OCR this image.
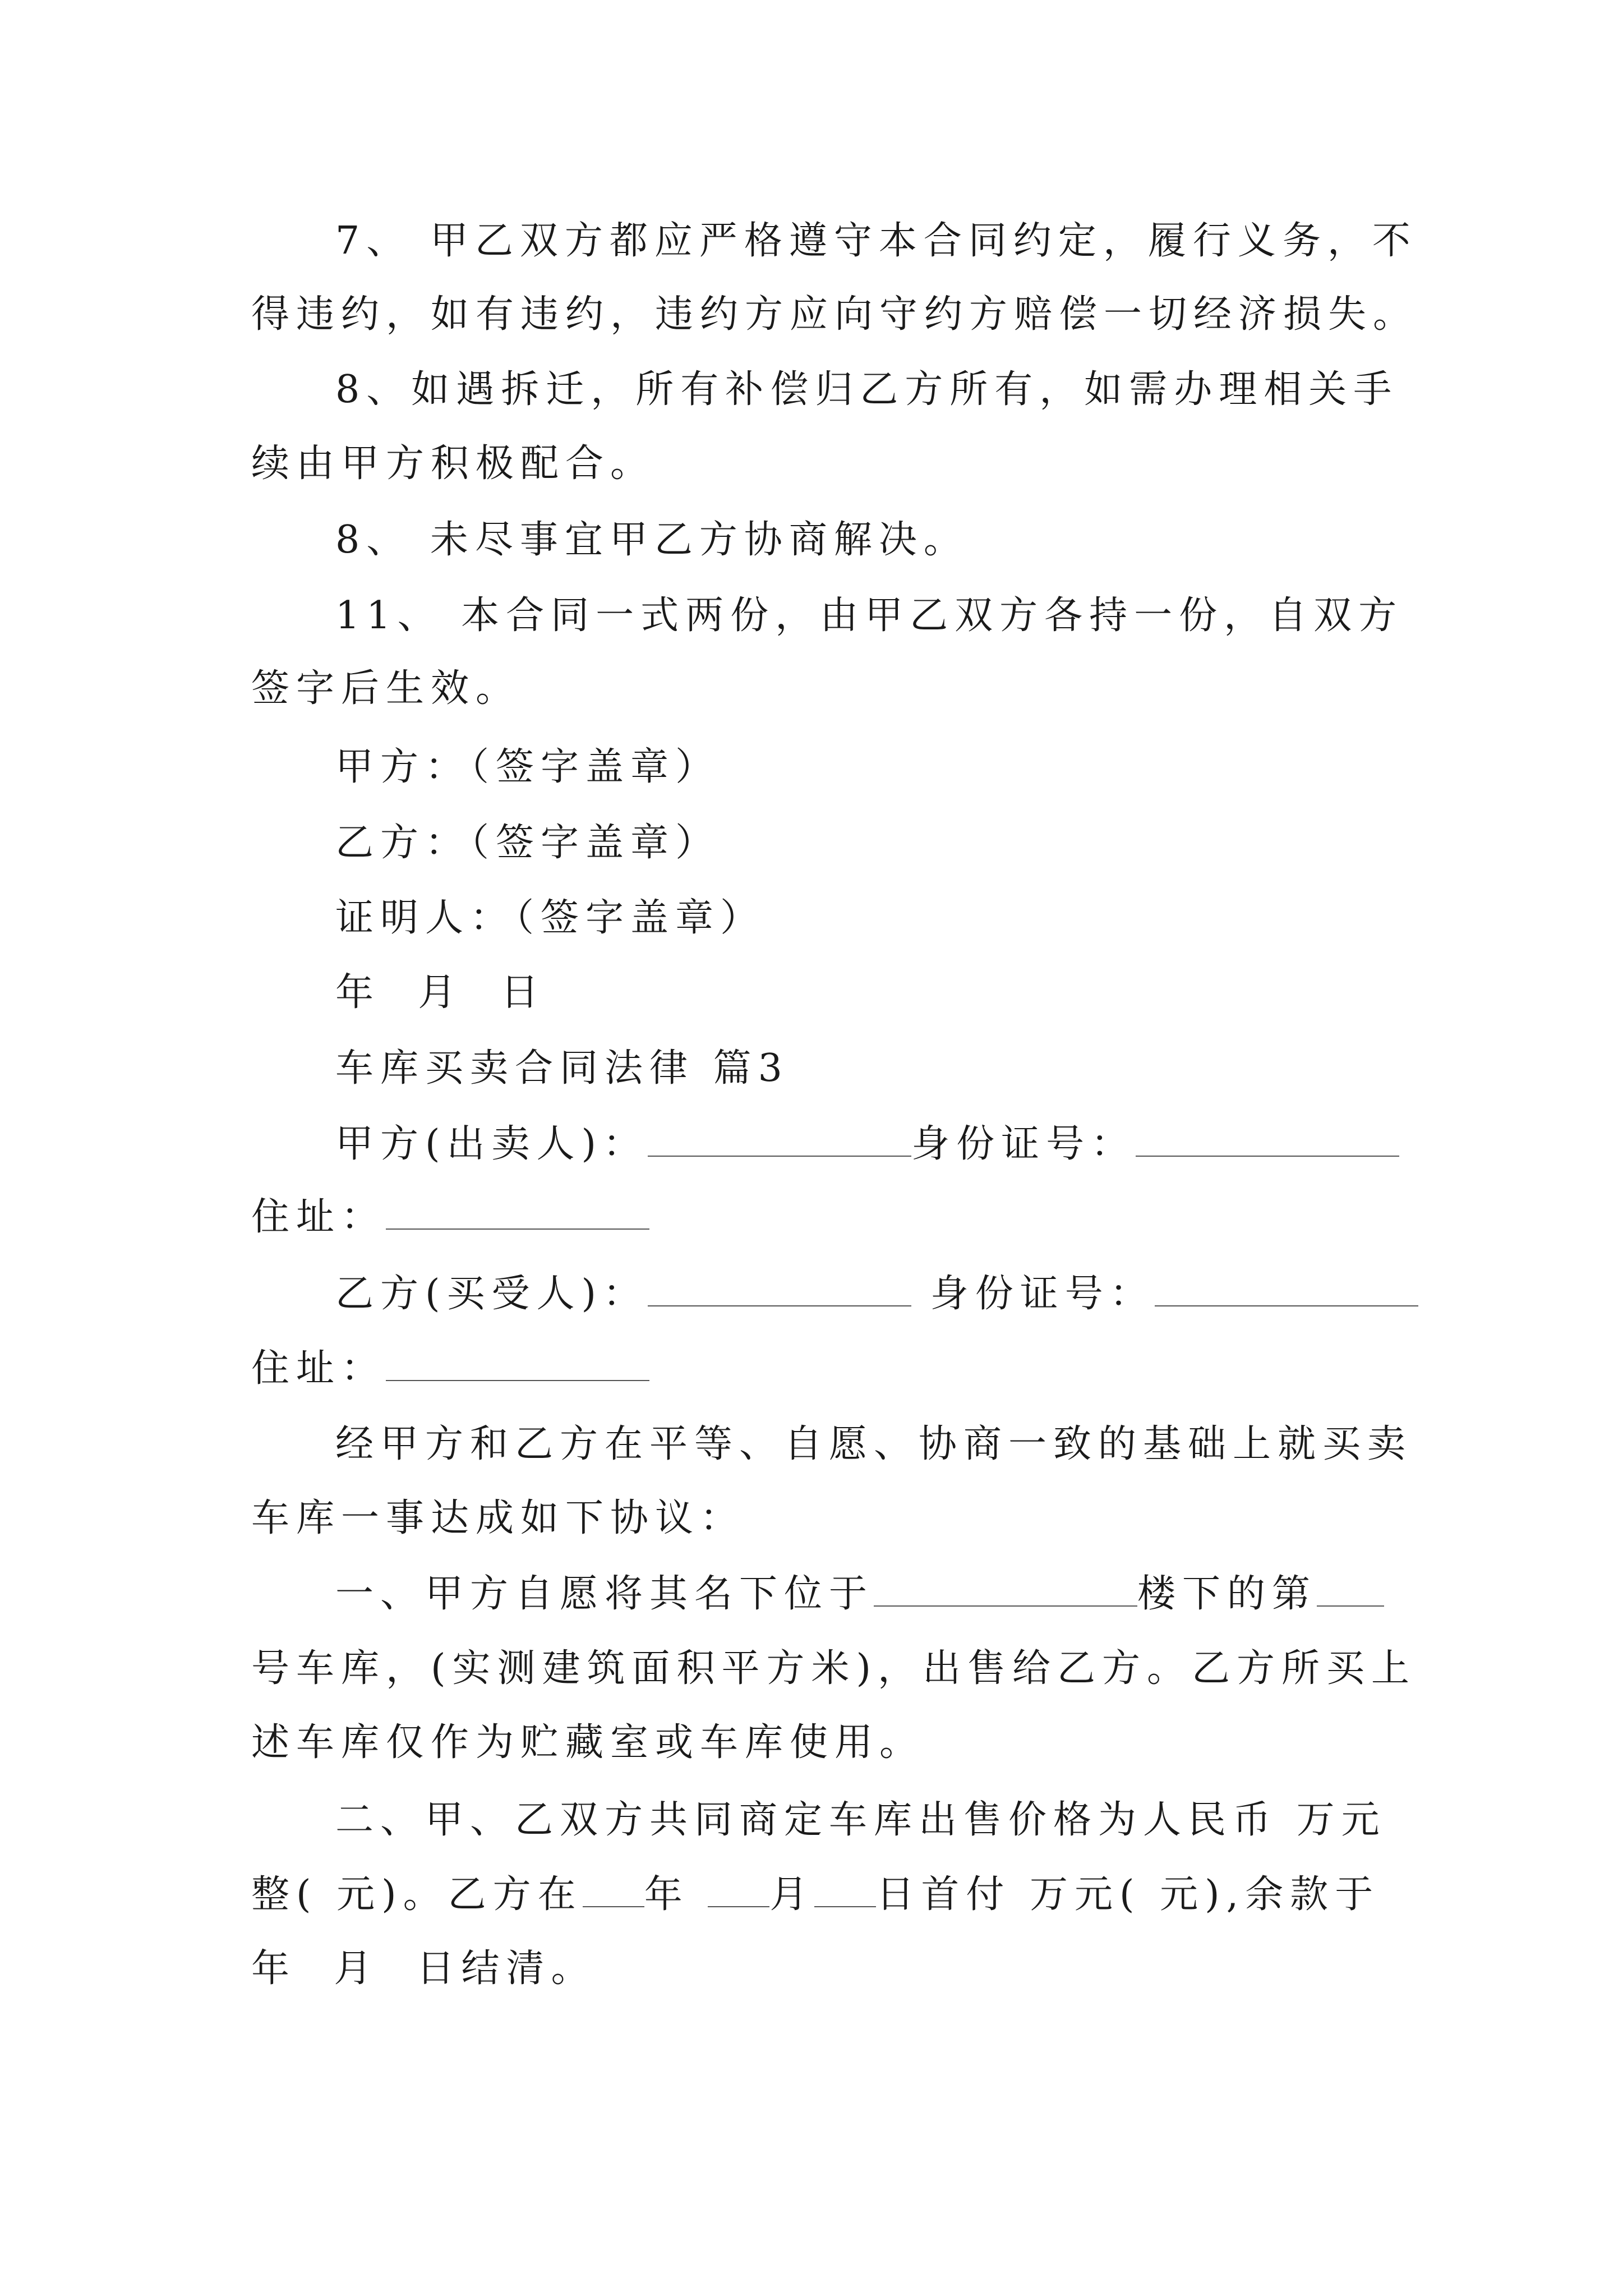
7、 甲乙双方都应严格遵守本合同约定，履行义务，不

得违约，如有违约，违约方应向守约方赔偿一切经济损失。

8、如遇拆迁，所有补偿归乙方所有，如需办理相关手

续由甲方积极配合。

8、 未尽事宜甲乙方协商解决。

11、 本合同一式两份，由甲乙双方各持一份，自双方

签字后生效。

甲方：（签字盖章）

乙方：（签字盖章）

证明人：（签字盖章）

年  月  日

车库买卖合同法律 篇3

甲方(出卖人)：	身份证号：

住址：

乙方(买受人)：	身份证号：

住址：

经甲方和乙方在平等、自愿、协商一致的基础上就买卖

车库一事达成如下协议：

一、甲方自愿将其名下位于	楼下的第

号车库，(实测建筑面积平方米)，出售给乙方。乙方所买上

述车库仅作为贮藏室或车库使用。

二、甲、乙双方共同商定车库出售价格为人民币 万元

整( 元)。乙方在 年 月 日首付 万元( 元),余款于

年  月  日结清。
